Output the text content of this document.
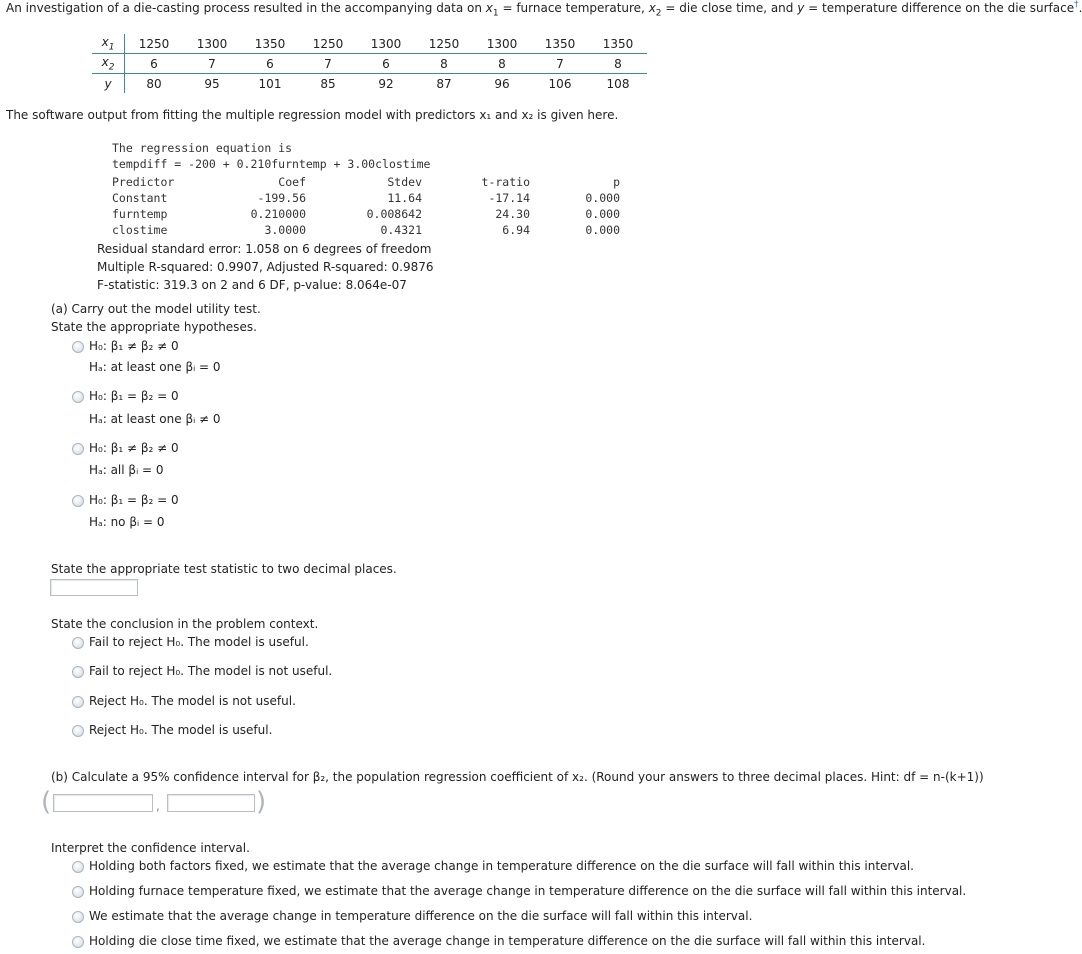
An investigation of a die-casting process resulted in the accompanying data on $x_1$ = furnace temperature, $x_2$ = die close time, and y = temperature difference on the die surface†
$x_1$	1250	1300	1350	1250	1300	1250	1300	1350	1350
$x_2$	6	7	6	7	6	8	8	7	8
y	80	95	101	85	92	87	96	106	108
The software output from fitting the multiple regression model with predictors x₁ and x₂ is given here.
The regression equation is
tempdiff = -200 + 0.210furntemp + 3.00clostime
Predictor	Coef	Stdev	t-ratio	p
Constant	-199.56	11.64	-17.14	0.000
furntemp	0.210000	0.008642	24.30	0.000
clostime	3.0000	0.4321	6.94	0.000
Residual standard error: 1.058 on 6 degrees of freedom
Multiple R-squared: 0.9907, Adjusted R-squared: 0.9876
F-statistic: 319.3 on 2 and 6 DF, p-value: 8.064e-07
(a) Carry out the model utility test.
State the appropriate hypotheses.
H₀: β₁ ≠ β₂ ≠ 0
Hₐ: at least one βᵢ = 0
H₀: β₁ = β₂ = 0
Hₐ: at least one βᵢ ≠ 0
H₀: β₁ ≠ β₂ ≠ 0
Hₐ: all βᵢ = 0
H₀: β₁ = β₂ = 0
Hₐ: no βᵢ = 0
State the appropriate test statistic to two decimal places.
State the conclusion in the problem context.
Fail to reject H₀. The model is useful.
Fail to reject H₀. The model is not useful.
Reject H₀. The model is not useful.
Reject H₀. The model is useful.
(b) Calculate a 95% confidence interval for β₂, the population regression coefficient of x₂. (Round your answers to three decimal places. Hint: df = n-(k+1))
(	,	)
Interpret the confidence interval.
Holding both factors fixed, we estimate that the average change in temperature difference on the die surface will fall within this interval.
Holding furnace temperature fixed, we estimate that the average change in temperature difference on the die surface will fall within this interval.
We estimate that the average change in temperature difference on the die surface will fall within this interval.
Holding die close time fixed, we estimate that the average change in temperature difference on the die surface will fall within this interval.
